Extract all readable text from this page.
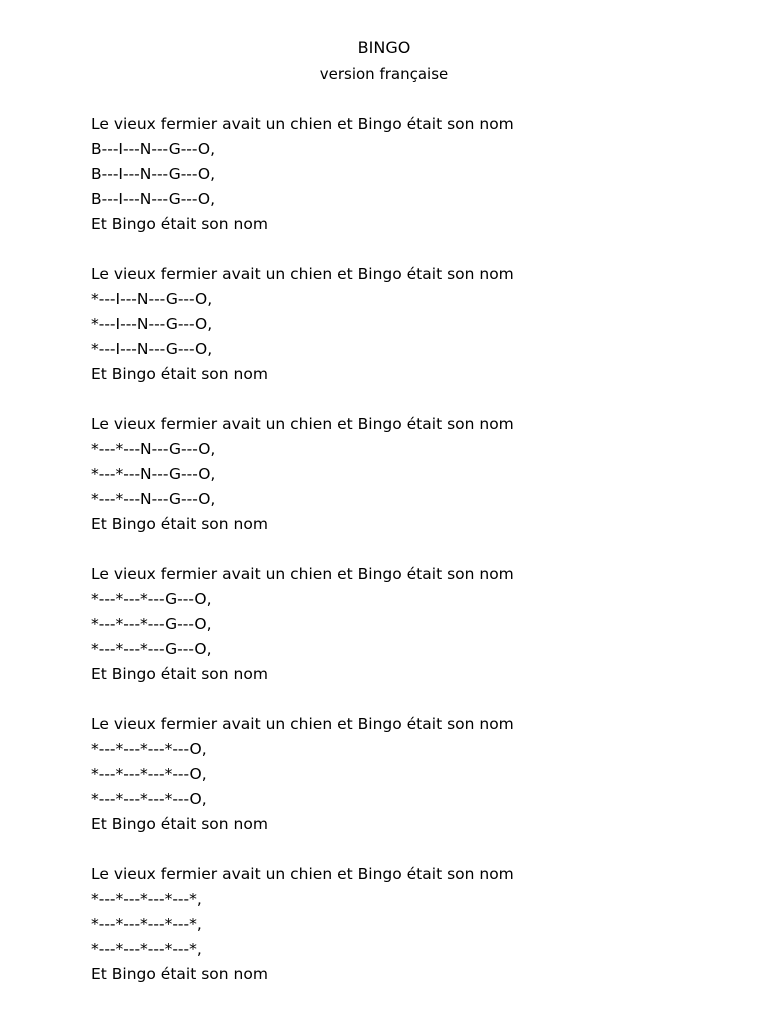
BINGO
version française
Le vieux fermier avait un chien et Bingo était son nom
B---I---N---G---O,
B---I---N---G---O,
B---I---N---G---O,
Et Bingo était son nom
Le vieux fermier avait un chien et Bingo était son nom
*---I---N---G---O,
*---I---N---G---O,
*---I---N---G---O,
Et Bingo était son nom
Le vieux fermier avait un chien et Bingo était son nom
*---*---N---G---O,
*---*---N---G---O,
*---*---N---G---O,
Et Bingo était son nom
Le vieux fermier avait un chien et Bingo était son nom
*---*---*---G---O,
*---*---*---G---O,
*---*---*---G---O,
Et Bingo était son nom
Le vieux fermier avait un chien et Bingo était son nom
*---*---*---*---O,
*---*---*---*---O,
*---*---*---*---O,
Et Bingo était son nom
Le vieux fermier avait un chien et Bingo était son nom
*---*---*---*---*,
*---*---*---*---*,
*---*---*---*---*,
Et Bingo était son nom
